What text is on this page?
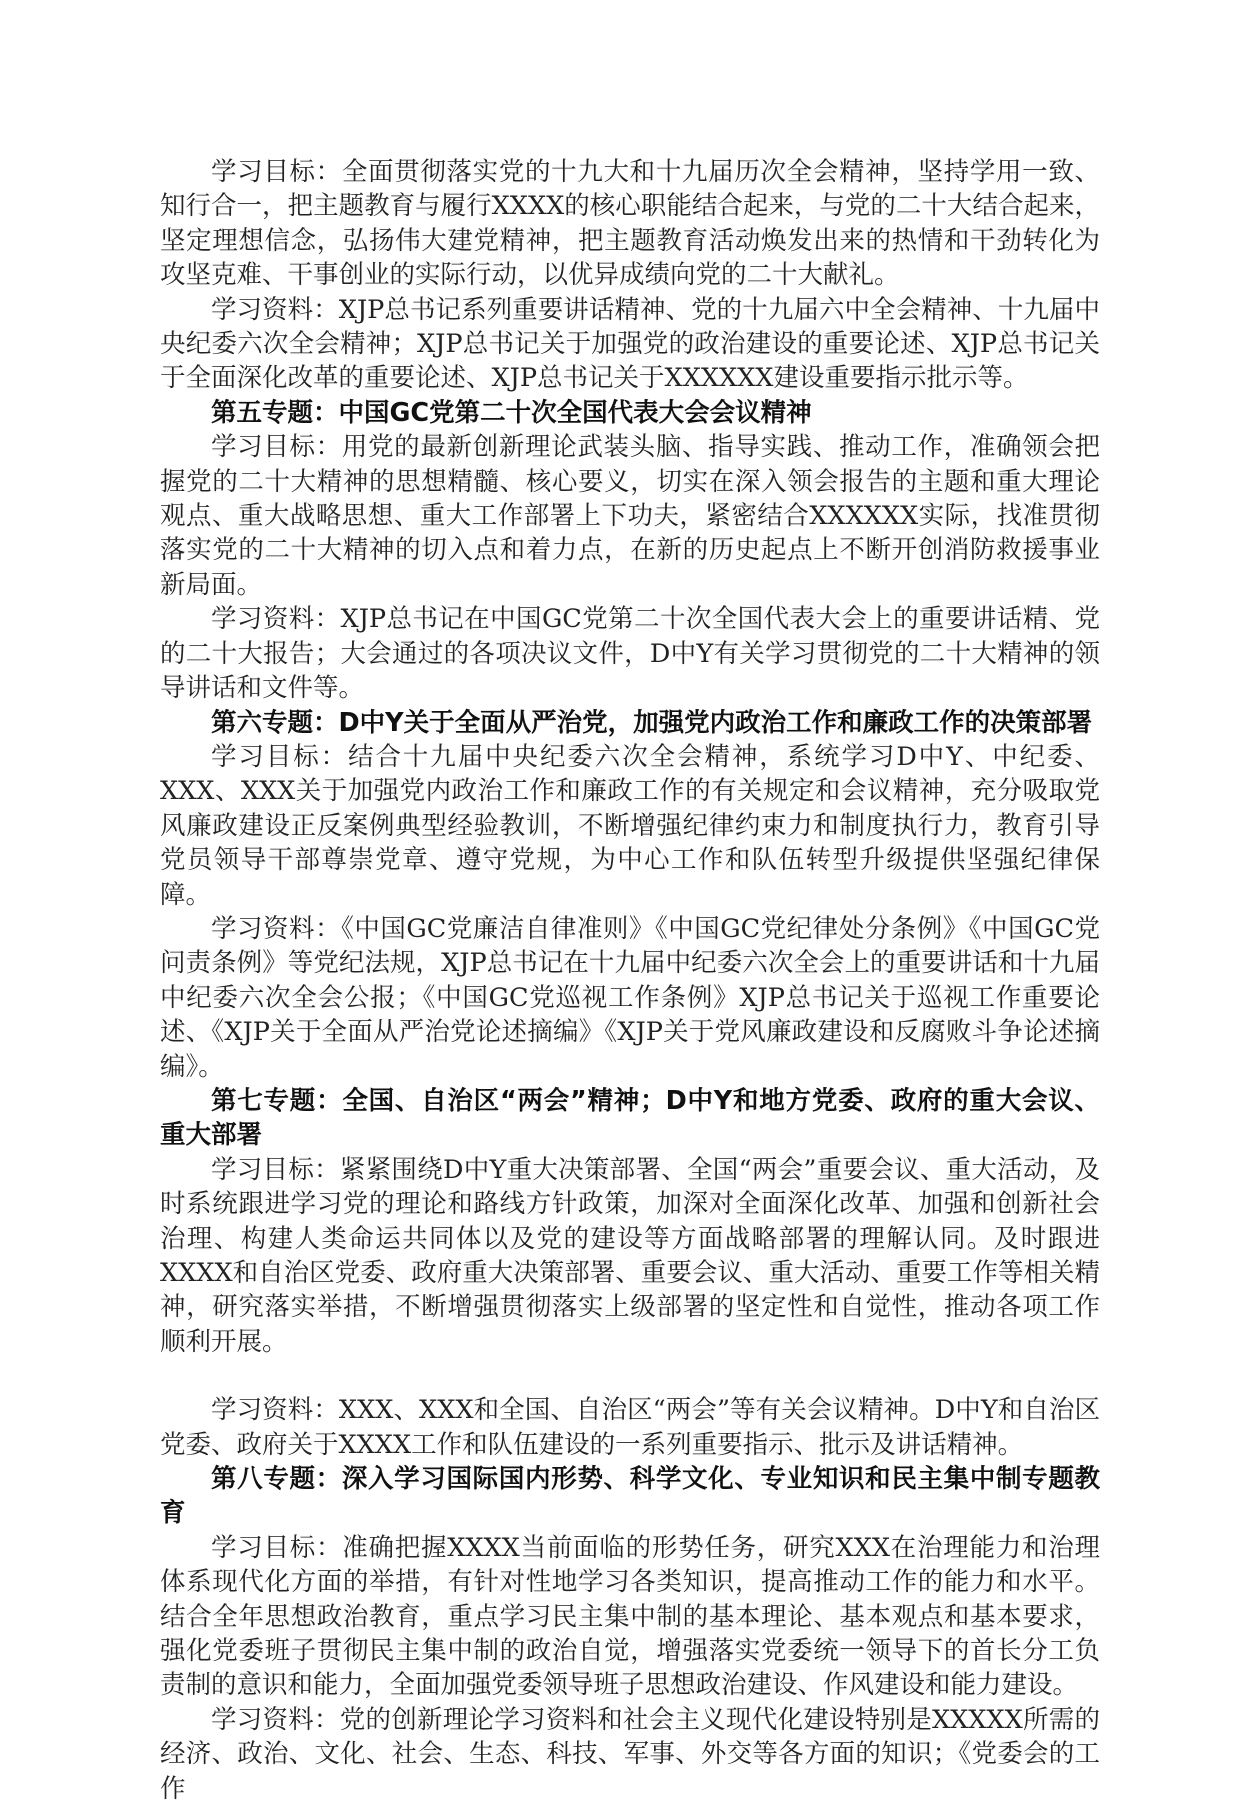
学习目标：全面贯彻落实党的十九大和十九届历次全会精神，坚持学用一致、知行合一，把主题教育与履行XXXX的核心职能结合起来，与党的二十大结合起来，坚定理想信念，弘扬伟大建党精神，把主题教育活动焕发出来的热情和干劲转化为攻坚克难、干事创业的实际行动，以优异成绩向党的二十大献礼。

学习资料：XJP总书记系列重要讲话精神、党的十九届六中全会精神、十九届中央纪委六次全会精神；XJP总书记关于加强党的政治建设的重要论述、XJP总书记关于全面深化改革的重要论述、XJP总书记关于XXXXXX建设重要指示批示等。

第五专题：中国GC党第二十次全国代表大会会议精神

学习目标：用党的最新创新理论武装头脑、指导实践、推动工作，准确领会把握党的二十大精神的思想精髓、核心要义，切实在深入领会报告的主题和重大理论观点、重大战略思想、重大工作部署上下功夫，紧密结合XXXXXX实际，找准贯彻落实党的二十大精神的切入点和着力点，在新的历史起点上不断开创消防救援事业新局面。

学习资料：XJP总书记在中国GC党第二十次全国代表大会上的重要讲话精、党的二十大报告；大会通过的各项决议文件，D中Y有关学习贯彻党的二十大精神的领导讲话和文件等。

第六专题：D中Y关于全面从严治党，加强党内政治工作和廉政工作的决策部署

学习目标：结合十九届中央纪委六次全会精神，系统学习D中Y、中纪委、XXX、XXX关于加强党内政治工作和廉政工作的有关规定和会议精神，充分吸取党风廉政建设正反案例典型经验教训，不断增强纪律约束力和制度执行力，教育引导党员领导干部尊崇党章、遵守党规，为中心工作和队伍转型升级提供坚强纪律保障。

学习资料：《中国GC党廉洁自律准则》《中国GC党纪律处分条例》《中国GC党问责条例》等党纪法规，XJP总书记在十九届中纪委六次全会上的重要讲话和十九届中纪委六次全会公报；《中国GC党巡视工作条例》XJP总书记关于巡视工作重要论述、《XJP关于全面从严治党论述摘编》《XJP关于党风廉政建设和反腐败斗争论述摘编》。

第七专题：全国、自治区“两会”精神；D中Y和地方党委、政府的重大会议、重大部署

学习目标：紧紧围绕D中Y重大决策部署、全国“两会”重要会议、重大活动，及时系统跟进学习党的理论和路线方针政策，加深对全面深化改革、加强和创新社会治理、构建人类命运共同体以及党的建设等方面战略部署的理解认同。及时跟进XXXX和自治区党委、政府重大决策部署、重要会议、重大活动、重要工作等相关精神，研究落实举措，不断增强贯彻落实上级部署的坚定性和自觉性，推动各项工作顺利开展。

学习资料：XXX、XXX和全国、自治区“两会”等有关会议精神。D中Y和自治区党委、政府关于XXXX工作和队伍建设的一系列重要指示、批示及讲话精神。

第八专题：深入学习国际国内形势、科学文化、专业知识和民主集中制专题教育

学习目标：准确把握XXXX当前面临的形势任务，研究XXX在治理能力和治理体系现代化方面的举措，有针对性地学习各类知识，提高推动工作的能力和水平。结合全年思想政治教育，重点学习民主集中制的基本理论、基本观点和基本要求，强化党委班子贯彻民主集中制的政治自觉，增强落实党委统一领导下的首长分工负责制的意识和能力，全面加强党委领导班子思想政治建设、作风建设和能力建设。

学习资料：党的创新理论学习资料和社会主义现代化建设特别是XXXXX所需的经济、政治、文化、社会、生态、科技、军事、外交等各方面的知识；《党委会的工作
